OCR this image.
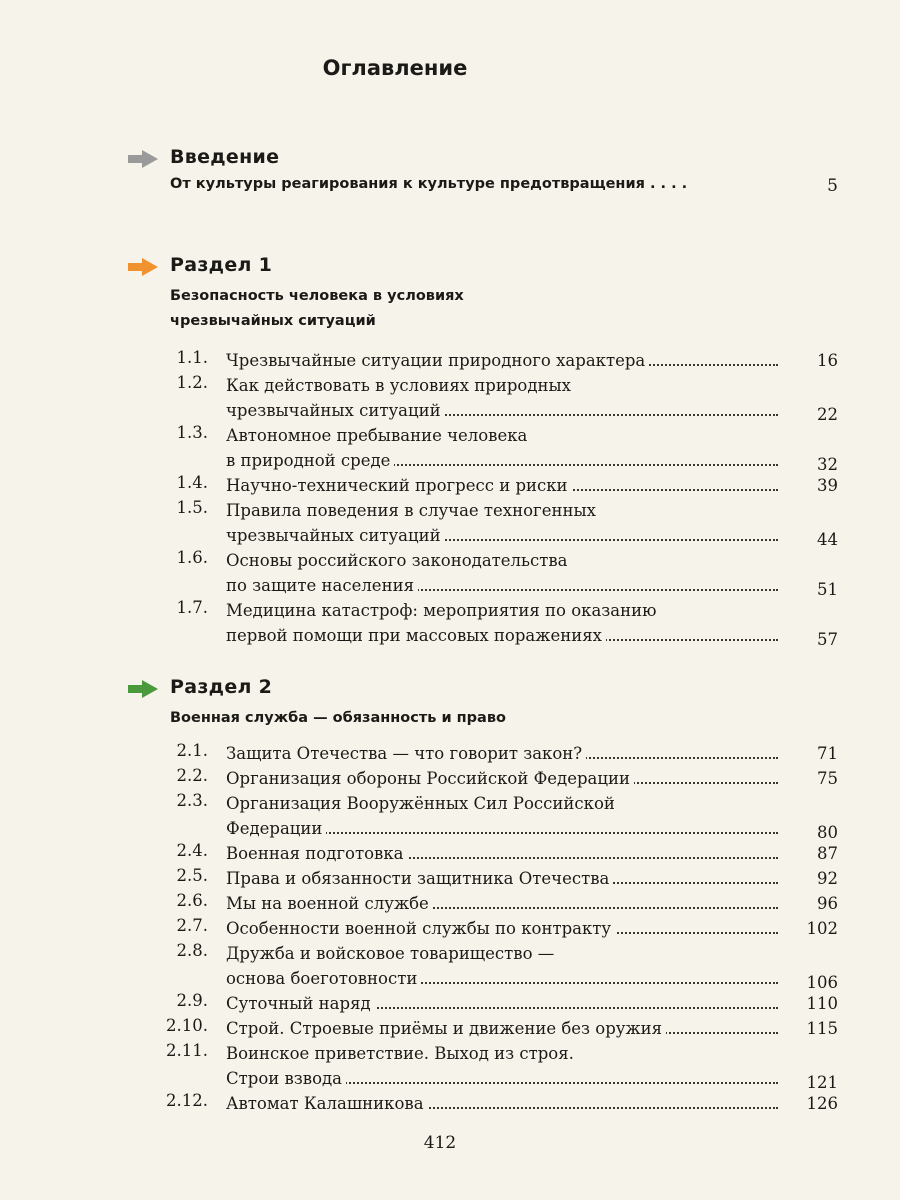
Оглавление
Введение
От культуры реагирования к культуре предотвращения . . . .	5
Раздел 1
Безопасность человека в условиях
чрезвычайных ситуаций
1.1. Чрезвычайные ситуации природного характера	16
1.2. Как действовать в условиях природных
чрезвычайных ситуаций	22
1.3. Автономное пребывание человека
в природной среде	32
1.4. Научно-технический прогресс и риски	39
1.5. Правила поведения в случае техногенных
чрезвычайных ситуаций	44
1.6. Основы российского законодательства
по защите населения	51
1.7. Медицина катастроф: мероприятия по оказанию
первой помощи при массовых поражениях	57
Раздел 2
Военная служба — обязанность и право
2.1. Защита Отечества — что говорит закон?	71
2.2. Организация обороны Российской Федерации	75
2.3. Организация Вооружённых Сил Российской
Федерации	80
2.4. Военная подготовка	87
2.5. Права и обязанности защитника Отечества	92
2.6. Мы на военной службе	96
2.7. Особенности военной службы по контракту	102
2.8. Дружба и войсковое товарищество —
основа боеготовности	106
2.9. Суточный наряд	110
2.10. Строй. Строевые приёмы и движение без оружия	115
2.11. Воинское приветствие. Выход из строя.
Строи взвода	121
2.12. Автомат Калашникова	126
412
